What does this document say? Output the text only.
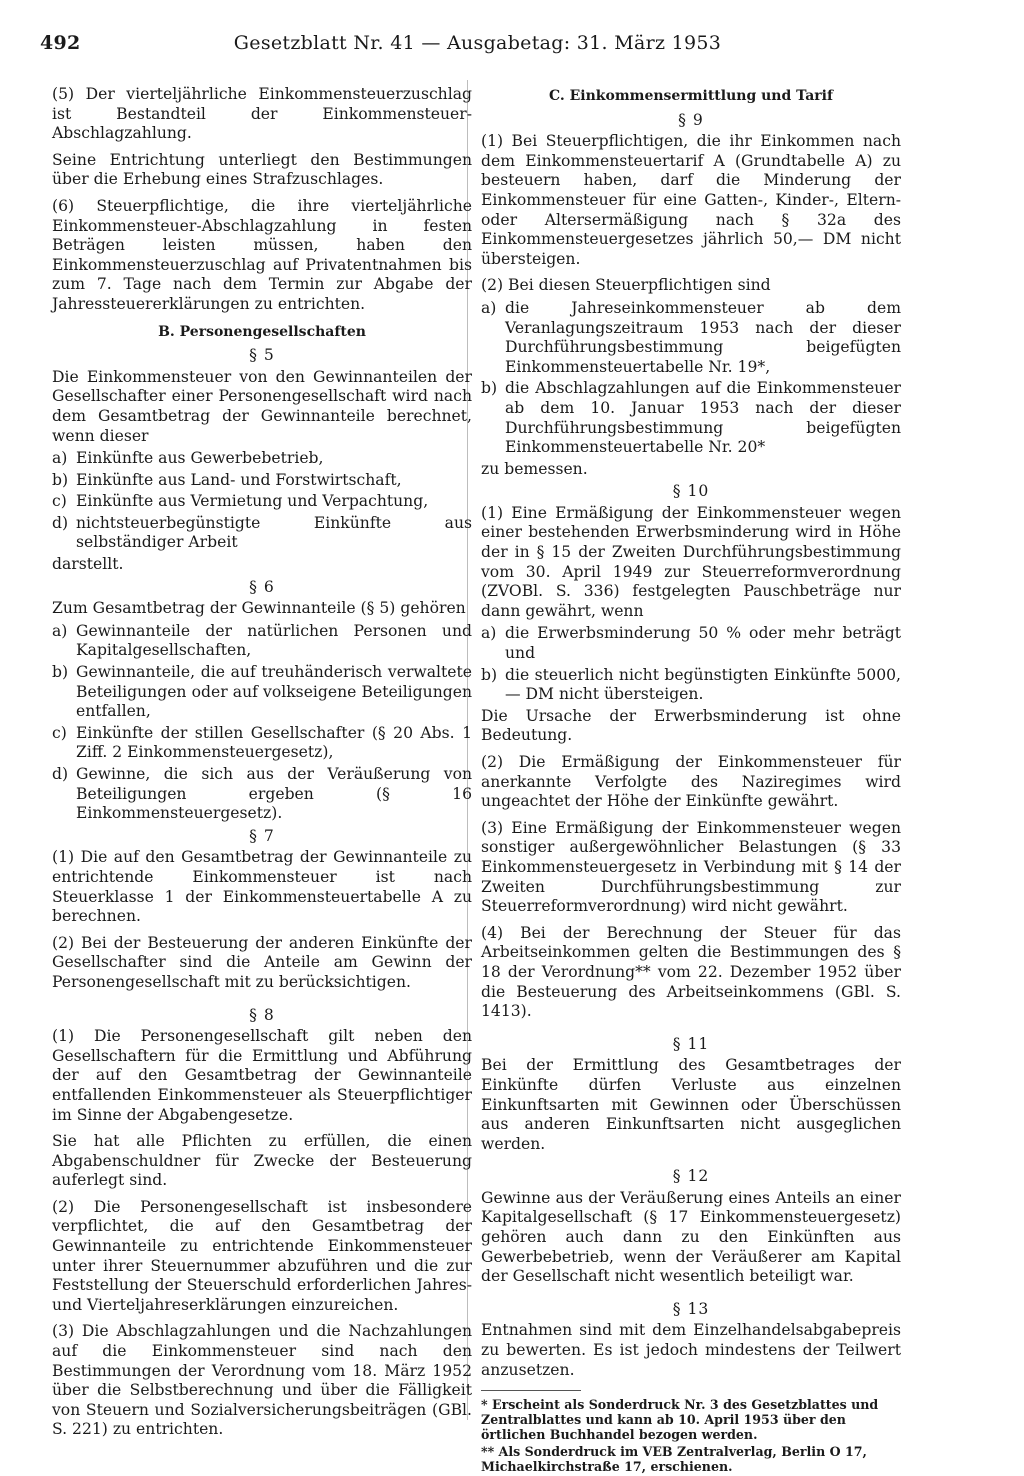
492	Gesetzblatt Nr. 41 — Ausgabetag: 31. März 1953

(5) Der vierteljährliche Einkommensteuerzuschlag ist Bestandteil der Einkommensteuer-Abschlagzahlung.

Seine Entrichtung unterliegt den Bestimmungen über die Erhebung eines Strafzuschlages.

(6) Steuerpflichtige, die ihre vierteljährliche Einkommensteuer-Abschlagzahlung in festen Beträgen leisten müssen, haben den Einkommensteuerzuschlag auf Privatentnahmen bis zum 7. Tage nach dem Termin zur Abgabe der Jahressteuererklärungen zu entrichten.

B. Personengesellschaften
§ 5

Die Einkommensteuer von den Gewinnanteilen der Gesellschafter einer Personengesellschaft wird nach dem Gesamtbetrag der Gewinnanteile berechnet, wenn dieser

a) Einkünfte aus Gewerbebetrieb,
b) Einkünfte aus Land- und Forstwirtschaft,
c) Einkünfte aus Vermietung und Verpachtung,
d) nichtsteuerbegünstigte Einkünfte aus selbständiger Arbeit

darstellt.

§ 6

Zum Gesamtbetrag der Gewinnanteile (§ 5) gehören

a) Gewinnanteile der natürlichen Personen und Kapitalgesellschaften,
b) Gewinnanteile, die auf treuhänderisch verwaltete Beteiligungen oder auf volkseigene Beteiligungen entfallen,
c) Einkünfte der stillen Gesellschafter (§ 20 Abs. 1 Ziff. 2 Einkommensteuergesetz),
d) Gewinne, die sich aus der Veräußerung von Beteiligungen ergeben (§ 16 Einkommensteuergesetz).
§ 7

(1) Die auf den Gesamtbetrag der Gewinnanteile zu entrichtende Einkommensteuer ist nach Steuerklasse 1 der Einkommensteuertabelle A zu berechnen.

(2) Bei der Besteuerung der anderen Einkünfte der Gesellschafter sind die Anteile am Gewinn der Personengesellschaft mit zu berücksichtigen.

§ 8

(1) Die Personengesellschaft gilt neben den Gesellschaftern für die Ermittlung und Abführung der auf den Gesamtbetrag der Gewinnanteile entfallenden Einkommensteuer als Steuerpflichtiger im Sinne der Abgabengesetze.

Sie hat alle Pflichten zu erfüllen, die einen Abgabenschuldner für Zwecke der Besteuerung auferlegt sind.

(2) Die Personengesellschaft ist insbesondere verpflichtet, die auf den Gesamtbetrag der Gewinnanteile zu entrichtende Einkommensteuer unter ihrer Steuernummer abzuführen und die zur Feststellung der Steuerschuld erforderlichen Jahres- und Vierteljahreserklärungen einzureichen.

(3) Die Abschlagzahlungen und die Nachzahlungen auf die Einkommensteuer sind nach den Bestimmungen der Verordnung vom 18. März 1952 über die Selbstberechnung und über die Fälligkeit von Steuern und Sozialversicherungsbeiträgen (GBl. S. 221) zu entrichten.

C. Einkommensermittlung und Tarif
§ 9

(1) Bei Steuerpflichtigen, die ihr Einkommen nach dem Einkommensteuertarif A (Grundtabelle A) zu besteuern haben, darf die Minderung der Einkommensteuer für eine Gatten-, Kinder-, Eltern- oder Altersermäßigung nach § 32a des Einkommensteuergesetzes jährlich 50,— DM nicht übersteigen.

(2) Bei diesen Steuerpflichtigen sind

a) die Jahreseinkommensteuer ab dem Veranlagungszeitraum 1953 nach der dieser Durchführungsbestimmung beigefügten Einkommensteuertabelle Nr. 19*,
b) die Abschlagzahlungen auf die Einkommensteuer ab dem 10. Januar 1953 nach der dieser Durchführungsbestimmung beigefügten Einkommensteuertabelle Nr. 20*

zu bemessen.

§ 10

(1) Eine Ermäßigung der Einkommensteuer wegen einer bestehenden Erwerbsminderung wird in Höhe der in § 15 der Zweiten Durchführungsbestimmung vom 30. April 1949 zur Steuerreformverordnung (ZVOBl. S. 336) festgelegten Pauschbeträge nur dann gewährt, wenn

a) die Erwerbsminderung 50 % oder mehr beträgt und
b) die steuerlich nicht begünstigten Einkünfte 5000,— DM nicht übersteigen.

Die Ursache der Erwerbsminderung ist ohne Bedeutung.

(2) Die Ermäßigung der Einkommensteuer für anerkannte Verfolgte des Naziregimes wird ungeachtet der Höhe der Einkünfte gewährt.

(3) Eine Ermäßigung der Einkommensteuer wegen sonstiger außergewöhnlicher Belastungen (§ 33 Einkommensteuergesetz in Verbindung mit § 14 der Zweiten Durchführungsbestimmung zur Steuerreformverordnung) wird nicht gewährt.

(4) Bei der Berechnung der Steuer für das Arbeitseinkommen gelten die Bestimmungen des § 18 der Verordnung** vom 22. Dezember 1952 über die Besteuerung des Arbeitseinkommens (GBl. S. 1413).

§ 11

Bei der Ermittlung des Gesamtbetrages der Einkünfte dürfen Verluste aus einzelnen Einkunftsarten mit Gewinnen oder Überschüssen aus anderen Einkunftsarten nicht ausgeglichen werden.

§ 12

Gewinne aus der Veräußerung eines Anteils an einer Kapitalgesellschaft (§ 17 Einkommensteuergesetz) gehören auch dann zu den Einkünften aus Gewerbebetrieb, wenn der Veräußerer am Kapital der Gesellschaft nicht wesentlich beteiligt war.

§ 13

Entnahmen sind mit dem Einzelhandelsabgabepreis zu bewerten. Es ist jedoch mindestens der Teilwert anzusetzen.

* Erscheint als Sonderdruck Nr. 3 des Gesetzblattes und Zentralblattes und kann ab 10. April 1953 über den örtlichen Buchhandel bezogen werden.

** Als Sonderdruck im VEB Zentralverlag, Berlin O 17, Michaelkirchstraße 17, erschienen.
